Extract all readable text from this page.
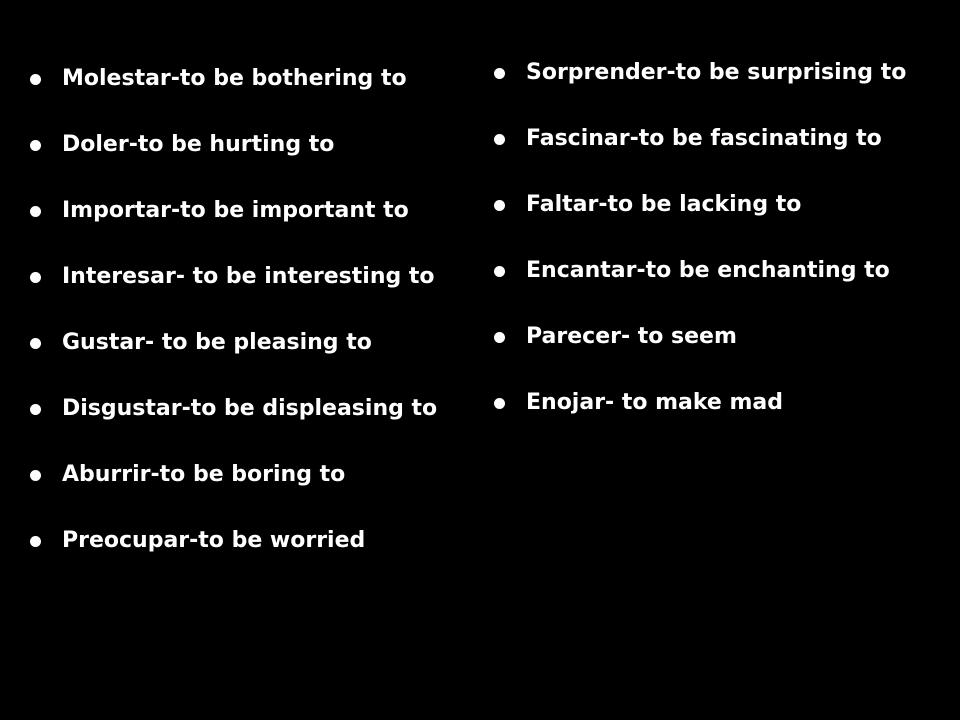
Molestar-to be bothering to
Doler-to be hurting to
Importar-to be important to
Interesar- to be interesting to
Gustar- to be pleasing to
Disgustar-to be displeasing to
Aburrir-to be boring to
Preocupar-to be worried
Sorprender-to be surprising to
Fascinar-to be fascinating to
Faltar-to be lacking to
Encantar-to be enchanting to
Parecer- to seem
Enojar- to make mad
